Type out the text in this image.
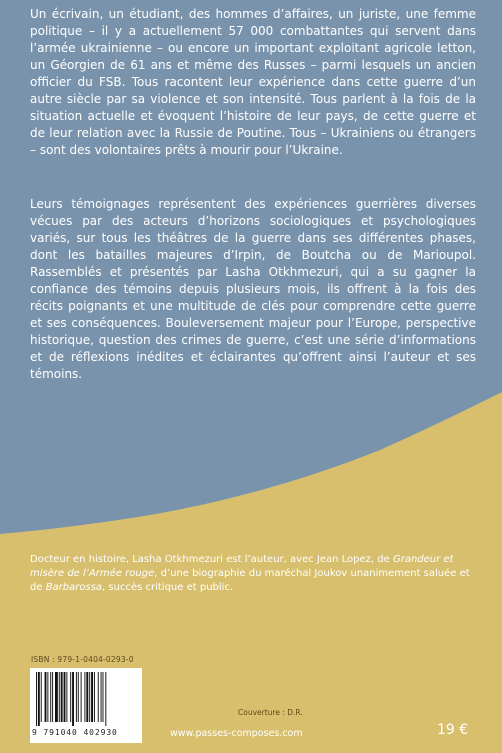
Un écrivain, un étudiant, des hommes d’affaires, un juriste, une femme politique – il y a actuellement 57 000 combattantes qui servent dans l’armée ukrainienne – ou encore un important exploitant agricole letton, un Géorgien de 61 ans et même des Russes – parmi lesquels un ancien officier du FSB. Tous racontent leur expérience dans cette guerre d’un autre siècle par sa violence et son intensité. Tous parlent à la fois de la situation actuelle et évoquent l’histoire de leur pays, de cette guerre et de leur relation avec la Russie de Poutine. Tous – Ukrainiens ou étrangers – sont des volontaires prêts à mourir pour l’Ukraine.

Leurs témoignages représentent des expériences guerrières diverses vécues par des acteurs d’horizons sociologiques et psychologiques variés, sur tous les théâtres de la guerre dans ses différentes phases, dont les batailles majeures d’Irpin, de Boutcha ou de Marioupol. Rassemblés et présentés par Lasha Otkhmezuri, qui a su gagner la confiance des témoins depuis plusieurs mois, ils offrent à la fois des récits poignants et une multitude de clés pour comprendre cette guerre et ses conséquences. Bouleversement majeur pour l’Europe, perspective historique, question des crimes de guerre, c’est une série d’informations et de réflexions inédites et éclairantes qu’offrent ainsi l’auteur et ses témoins.

Docteur en histoire, Lasha Otkhmezuri est l’auteur, avec Jean Lopez, de Grandeur et misère de l’Armée rouge, d’une biographie du maréchal Joukov unanimement saluée et de Barbarossa, succès critique et public.

ISBN : 979-1-0404-0293-0
9 791040 402930
Couverture : D.R.
www.passes-composes.com	19 €
